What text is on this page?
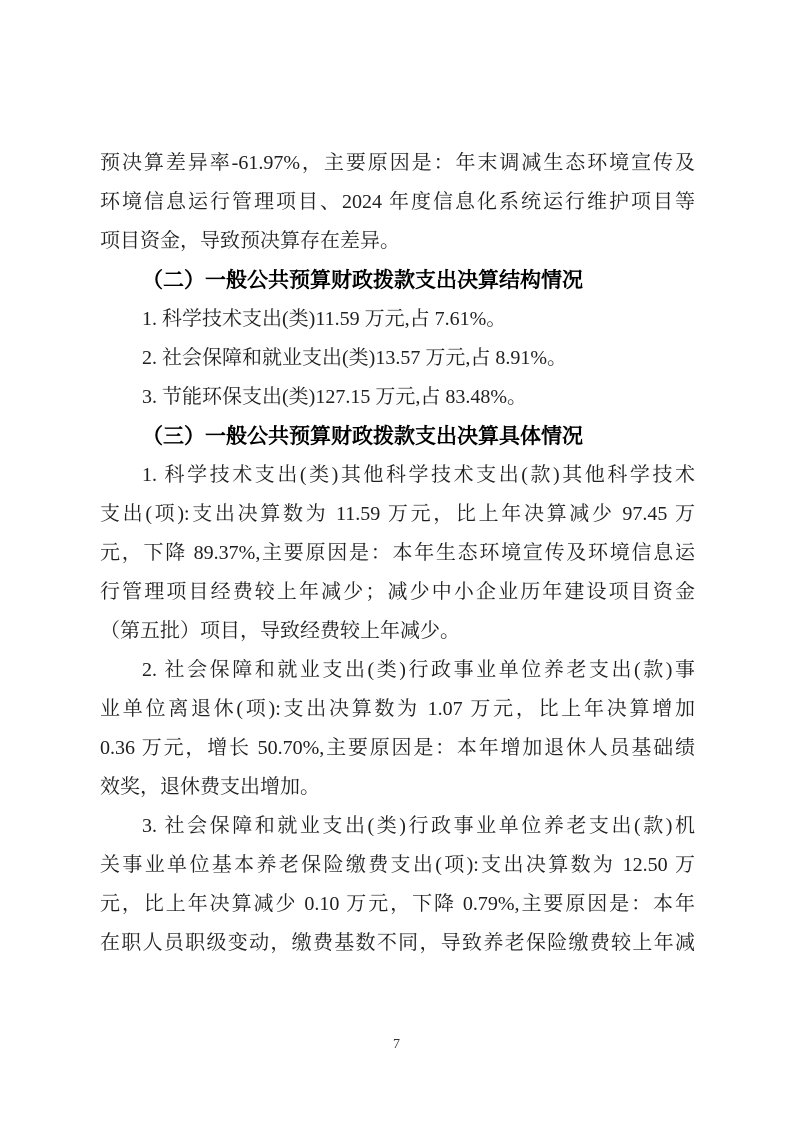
预决算差异率-61.97%，主要原因是：年末调减生态环境宣传及
环境信息运行管理项目、2024 年度信息化系统运行维护项目等
项目资金，导致预决算存在差异。
（二）一般公共预算财政拨款支出决算结构情况
1. 科学技术支出(类)11.59 万元,占 7.61%。
2. 社会保障和就业支出(类)13.57 万元,占 8.91%。
3. 节能环保支出(类)127.15 万元,占 83.48%。
（三）一般公共预算财政拨款支出决算具体情况
1. 科学技术支出(类)其他科学技术支出(款)其他科学技术
支出(项):支出决算数为 11.59 万元，比上年决算减少 97.45 万
元，下降 89.37%,主要原因是：本年生态环境宣传及环境信息运
行管理项目经费较上年减少；减少中小企业历年建设项目资金
（第五批）项目，导致经费较上年减少。
2. 社会保障和就业支出(类)行政事业单位养老支出(款)事
业单位离退休(项):支出决算数为 1.07 万元，比上年决算增加
0.36 万元，增长 50.70%,主要原因是：本年增加退休人员基础绩
效奖，退休费支出增加。
3. 社会保障和就业支出(类)行政事业单位养老支出(款)机
关事业单位基本养老保险缴费支出(项):支出决算数为 12.50 万
元，比上年决算减少 0.10 万元，下降 0.79%,主要原因是：本年
在职人员职级变动，缴费基数不同，导致养老保险缴费较上年减
7
